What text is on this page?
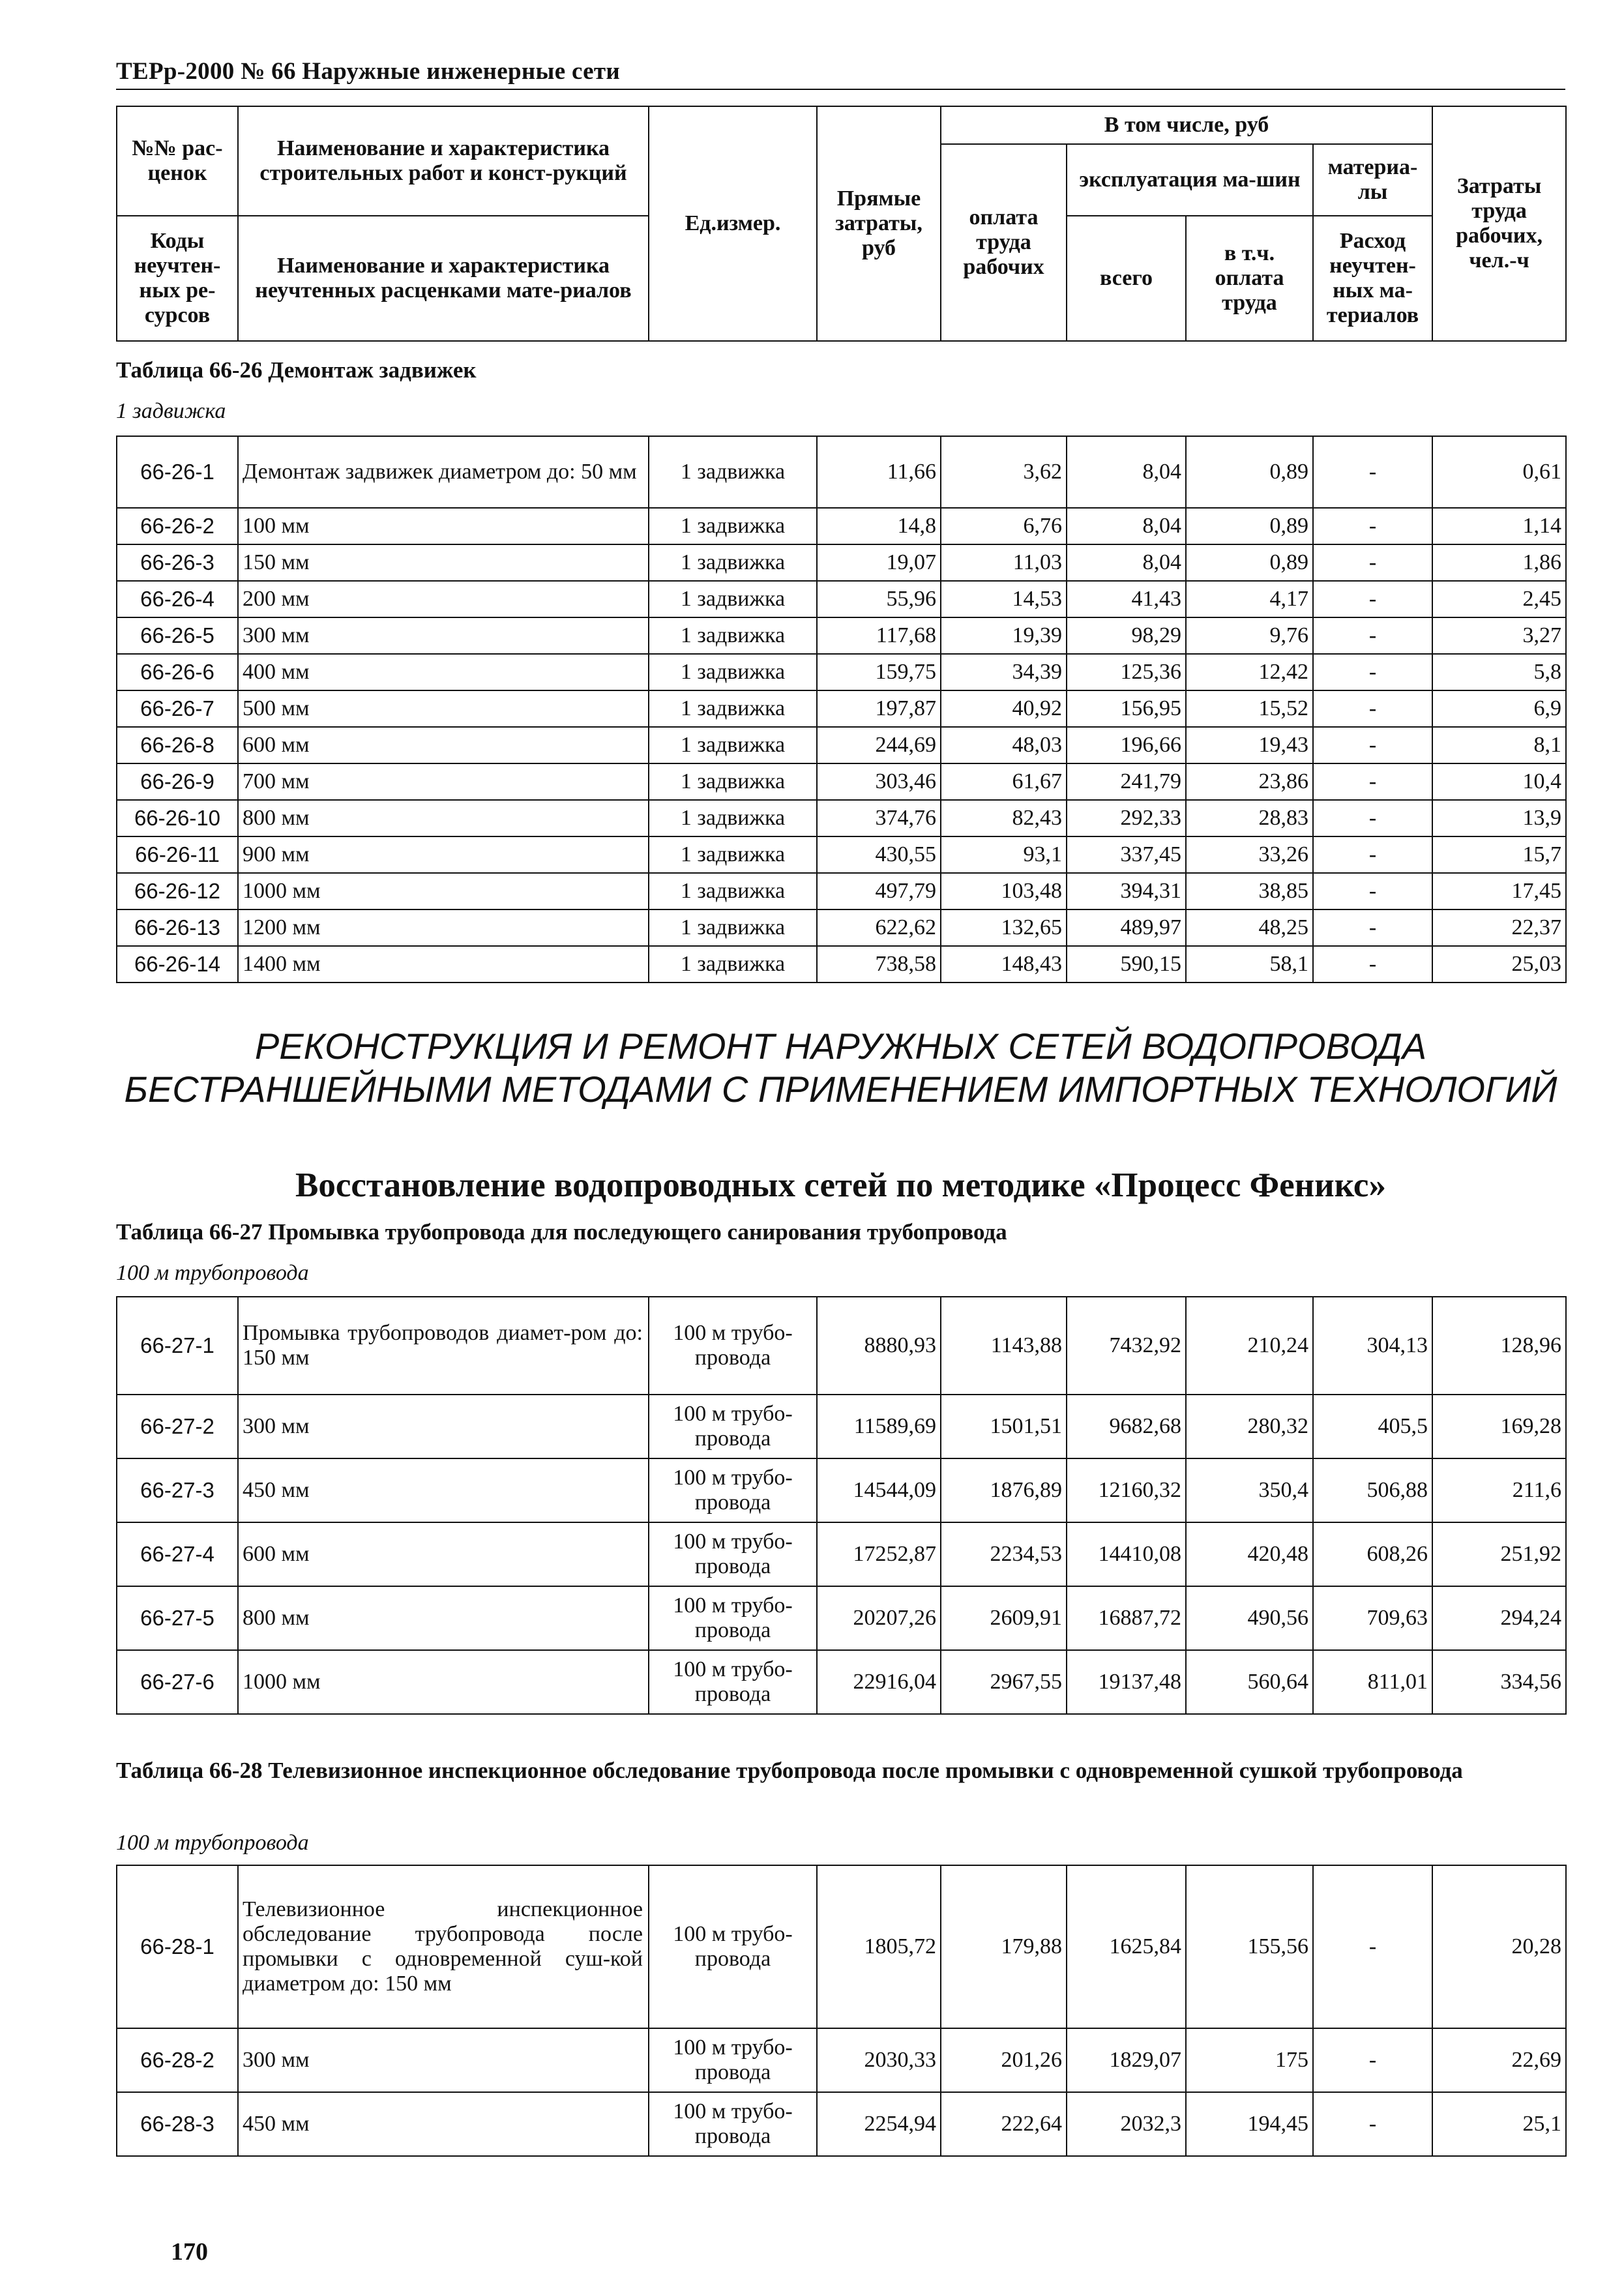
ТЕРр-2000 № 66 Наружные инженерные сети
№№ рас-ценок	Наименование и характеристика строительных работ и конст-рукций	Ед.измер.	Прямые затраты, руб	В том числе, руб				Затраты труда рабочих, чел.-ч
				оплата труда рабочих	эксплуатация ма-шин		материа-лы	

Коды неучтен-ных ре-сурсов	Наименование и характеристика неучтенных расценками мате-риалов				всего	в т.ч. оплата труда	Расход неучтен-ных ма-териалов	

Таблица 66-26 Демонтаж задвижек
1 задвижка
66-26-1	Демонтаж задвижек диаметром до: 50 мм	1 задвижка	11,66	3,62	8,04	0,89	-	0,61
66-26-2	100 мм	1 задвижка	14,8	6,76	8,04	0,89	-	1,14
66-26-3	150 мм	1 задвижка	19,07	11,03	8,04	0,89	-	1,86
66-26-4	200 мм	1 задвижка	55,96	14,53	41,43	4,17	-	2,45
66-26-5	300 мм	1 задвижка	117,68	19,39	98,29	9,76	-	3,27
66-26-6	400 мм	1 задвижка	159,75	34,39	125,36	12,42	-	5,8
66-26-7	500 мм	1 задвижка	197,87	40,92	156,95	15,52	-	6,9
66-26-8	600 мм	1 задвижка	244,69	48,03	196,66	19,43	-	8,1
66-26-9	700 мм	1 задвижка	303,46	61,67	241,79	23,86	-	10,4
66-26-10	800 мм	1 задвижка	374,76	82,43	292,33	28,83	-	13,9
66-26-11	900 мм	1 задвижка	430,55	93,1	337,45	33,26	-	15,7
66-26-12	1000 мм	1 задвижка	497,79	103,48	394,31	38,85	-	17,45
66-26-13	1200 мм	1 задвижка	622,62	132,65	489,97	48,25	-	22,37
66-26-14	1400 мм	1 задвижка	738,58	148,43	590,15	58,1	-	25,03
РЕКОНСТРУКЦИЯ И РЕМОНТ НАРУЖНЫХ СЕТЕЙ ВОДОПРОВОДА БЕСТРАНШЕЙНЫМИ МЕТОДАМИ С ПРИМЕНЕНИЕМ ИМПОРТНЫХ ТЕХНОЛОГИЙ
Восстановление водопроводных сетей по методике «Процесс Феникс»
Таблица 66-27 Промывка трубопровода для последующего санирования трубопровода
100 м трубопровода
66-27-1	Промывка трубопроводов диамет-ром до: 150 мм	100 м трубо-провода	8880,93	1143,88	7432,92	210,24	304,13	128,96
66-27-2	300 мм	100 м трубо-провода	11589,69	1501,51	9682,68	280,32	405,5	169,28
66-27-3	450 мм	100 м трубо-провода	14544,09	1876,89	12160,32	350,4	506,88	211,6
66-27-4	600 мм	100 м трубо-провода	17252,87	2234,53	14410,08	420,48	608,26	251,92
66-27-5	800 мм	100 м трубо-провода	20207,26	2609,91	16887,72	490,56	709,63	294,24
66-27-6	1000 мм	100 м трубо-провода	22916,04	2967,55	19137,48	560,64	811,01	334,56
Таблица 66-28 Телевизионное инспекционное обследование трубопровода после промывки с одновременной сушкой трубопровода
100 м трубопровода
66-28-1	Телевизионное инспекционное обследование трубопровода после промывки с одновременной суш-кой диаметром до: 150 мм	100 м трубо-провода	1805,72	179,88	1625,84	155,56	-	20,28
66-28-2	300 мм	100 м трубо-провода	2030,33	201,26	1829,07	175	-	22,69
66-28-3	450 мм	100 м трубо-провода	2254,94	222,64	2032,3	194,45	-	25,1
170
